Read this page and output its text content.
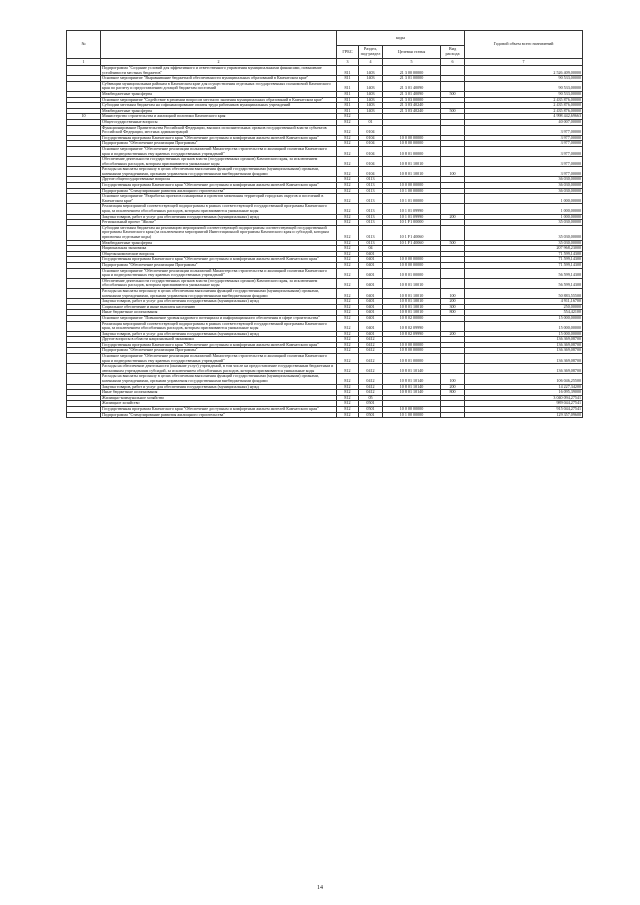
№		коды				Годовой объем всего назначений
		ГРБС	Раздел, под-раздел	Целевая статья	Вид расхода	
1	2	3	4	5	6	7
	Подпрограмма "Создание условий для эффективного и ответственного управления муниципальными финансами, повышение устойчивости местных бюджетов"	811	1403	21 3 00 00000		2 526 409,00000
	Основное мероприятие "Выравнивание бюджетной обеспеченности муниципальных образований в Камчатском крае"	811	1403	21 3 01 00000		90 533,00000
	Субвенции муниципальным районам в Камчатском крае для осуществления отдельных государственных полномочий Камчатского края по расчету и предоставлению дотаций бюджетам поселений	811	1403	21 3 01 40090		90 533,00000
	Межбюджетные трансферты	811	1403	21 3 01 40090	500	90 533,00000
	Основное мероприятие "Содействие в решении вопросов местного значения муниципальных образований в Камчатском крае"	811	1403	21 3 03 00000		2 435 876,00000
	Субсидии местным бюджетам на софинансирование оплаты труда работников муниципальных учреждений	811	1403	21 3 03 40240		2 435 876,00000
	Межбюджетные трансферты	811	1403	21 3 03 40240	500	2 435 876,00000
10	Министерство строительства и жилищной политики Камчатского края	812				4 998 442,69663
	Общегосударственные вопросы	812	01			40 007,00000
	Функционирование Правительства Российской Федерации, высших исполнительных органов государственной власти субъектов Российской Федерации, местных администраций	812	0104			3 977,00000
	Государственная программа Камчатского края "Обеспечение доступным и комфортным жильем жителей Камчатского края"	812	0104	10 0 00 00000		3 977,00000
	Подпрограмма "Обеспечение реализации Программы"	812	0104	10 8 00 00000		3 977,00000
	Основное мероприятие "Обеспечение реализации полномочий Министерства строительства и жилищной политики Камчатского края и подведомственных ему краевых государственных учреждений"	812	0104	10 8 01 00000		3 977,00000
	Обеспечение деятельности государственных органов власти (государственных органов) Камчатского края, за исключением обособленных расходов, которым присваиваются уникальные коды	812	0104	10 8 01 10010		3 977,00000
	Расходы на выплаты персоналу в целях обеспечения выполнения функций государственными (муниципальными) органами, казенными учреждениями, органами управления государственными внебюджетными фондами	812	0104	10 8 01 10010	100	3 977,00000
	Другие общегосударственные вопросы	812	0113			36 030,00000
	Государственная программа Камчатского края "Обеспечение доступным и комфортным жильем жителей Камчатского края"	812	0113	10 0 00 00000		36 030,00000
	Подпрограмма "Стимулирование развития жилищного строительства"	812	0113	10 1 00 00000		36 030,00000
	Основное мероприятие "Разработка проектов планировки и проектов межевания территорий городских округов и поселений в Камчатском крае"	812	0113	10 1 01 00000		1 000,00000
	Реализация мероприятий соответствующей подпрограммы в рамках соответствующей государственной программы Камчатского края, за исключением обособленных расходов, которым присваиваются уникальные коды	812	0113	10 1 01 09990		1 000,00000
	Закупка товаров, работ и услуг для обеспечения государственных (муниципальных) нужд	812	0113	10 1 01 09990	200	1 000,00000
	Региональный проект "Жилье"	812	0113	10 1 F1 00000		35 030,00000
	Субсидии местным бюджетам на реализацию мероприятий соответствующей подпрограммы соответствующей государственной программы Камчатского края (за исключением мероприятий Инвестиционной программы Камчатского края и субсидий, которым присвоены отдельные коды)	812	0113	10 1 F1 40060		35 030,00000
	Межбюджетные трансферты	812	0113	10 1 F1 40060	500	35 030,00000
	Национальная экономика	812	04			207 968,23000
	Общеэкономические вопросы	812	0401			71 599,14300
	Государственная программа Камчатского края "Обеспечение доступным и комфортным жильем жителей Камчатского края"	812	0401	10 0 00 00000		71 599,14300
	Подпрограмма "Обеспечение реализации Программы"	812	0401	10 8 00 00000		71 599,14300
	Основное мероприятие "Обеспечение реализации полномочий Министерства строительства и жилищной политики Камчатского края и подведомственных ему краевых государственных учреждений"	812	0401	10 8 01 00000		56 599,14300
	Обеспечение деятельности государственных органов власти (государственных органов) Камчатского края, за исключением обособленных расходов, которым присваиваются уникальные коды	812	0401	10 8 01 10010		56 599,14300
	Расходы на выплаты персоналу в целях обеспечения выполнения функций государственными (муниципальными) органами, казенными учреждениями, органами управления государственными внебюджетными фондами	812	0401	10 8 01 10010	100	50 883,55500
	Закупка товаров, работ и услуг для обеспечения государственных (муниципальных) нужд	812	0401	10 8 01 10010	200	4 911,16700
	Социальное обеспечение и иные выплаты населению	812	0401	10 8 01 10010	300	250,00000
	Иные бюджетные ассигнования	812	0401	10 8 01 10010	800	554,42100
	Основное мероприятие "Повышение уровня кадрового потенциала и информационного обеспечения в сфере строительства"	812	0401	10 8 02 00000		15 000,00000
	Реализация мероприятий соответствующей подпрограммы в рамках соответствующей государственной программы Камчатского края, за исключением обособленных расходов, которым присваиваются уникальные коды	812	0401	10 8 02 09990		15 000,00000
	Закупка товаров, работ и услуг для обеспечения государственных (муниципальных) нужд	812	0401	10 8 02 09990	200	15 000,00000
	Другие вопросы в области национальной экономики	812	0412			136 369,08700
	Государственная программа Камчатского края "Обеспечение доступным и комфортным жильем жителей Камчатского края"	812	0412	10 0 00 00000		136 369,08700
	Подпрограмма "Обеспечение реализации Программы"	812	0412	10 8 00 00000		136 369,08700
	Основное мероприятие "Обеспечение реализации полномочий Министерства строительства и жилищной политики Камчатского края и подведомственных ему краевых государственных учреждений"	812	0412	10 8 01 00000		136 369,08700
	Расходы на обеспечение деятельности (оказание услуг) учреждений, в том числе на предоставление государственным бюджетным и автономным учреждениям субсидий, за исключением обособленных расходов, которым присваиваются уникальные коды	812	0412	10 8 01 10140		136 369,08700
	Расходы на выплаты персоналу в целях обеспечения выполнения функций государственными (муниципальными) органами, казенными учреждениями, органами управления государственными внебюджетными фондами	812	0412	10 8 01 10140	100	106 046,25500
	Закупка товаров, работ и услуг для обеспечения государственных (муниципальных) нужд	812	0412	10 8 01 10140	200	14 227,34200
	Иные бюджетные ассигнования	812	0412	10 8 01 10140	800	16 095,39000
	Жилищно-коммунальное хозяйство	812	05			3 040 094,27541
	Жилищное хозяйство	812	0501			989 044,27541
	Государственная программа Камчатского края "Обеспечение доступным и комфортным жильем жителей Камчатского края"	812	0501	10 0 00 00000		915 044,27541
	Подпрограмма "Стимулирование развития жилищного строительства"	812	0501	10 1 00 00000		129 357,09600
14
